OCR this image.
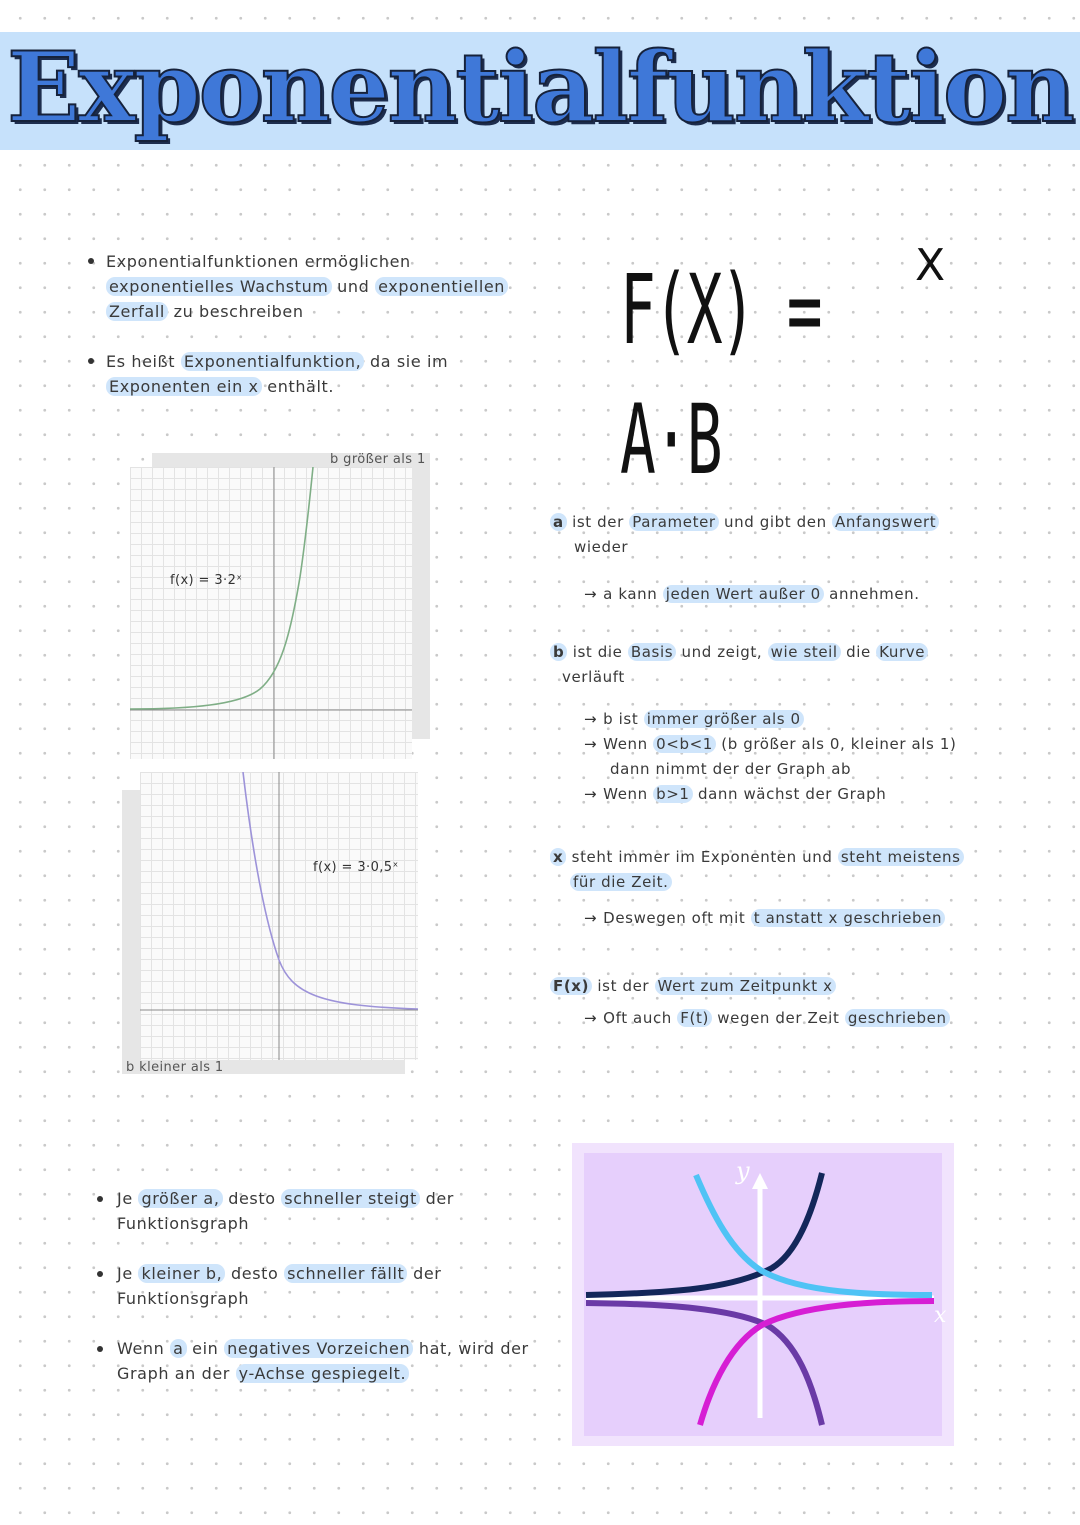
Exponentialfunktion
Exponentialfunktionen ermöglichen
exponentielles Wachstum und exponentiellen
Zerfall zu beschreiben
Es heißt Exponentialfunktion, da sie im
Exponenten ein x enthält.
F(X) = A·B
X
b größer als 1
f(x) = 3·2ˣ
b kleiner als 1
f(x) = 3·0,5ˣ
a ist der Parameter und gibt den Anfangswert
wieder
→ a kann jeden Wert außer 0 annehmen.
b ist die Basis und zeigt, wie steil die Kurve
verläuft
→ b ist immer größer als 0
→ Wenn 0<b<1 (b größer als 0, kleiner als 1)
dann nimmt der der Graph ab
→ Wenn b>1 dann wächst der Graph
x steht immer im Exponenten und steht meistens
für die Zeit.
→ Deswegen oft mit t anstatt x geschrieben
F(x) ist der Wert zum Zeitpunkt x
→ Oft auch F(t) wegen der Zeit geschrieben
Je größer a, desto schneller steigt der
Funktionsgraph
Je kleiner b, desto schneller fällt der
Funktionsgraph
Wenn a ein negatives Vorzeichen hat, wird der
Graph an der y-Achse gespiegelt.
y
x
